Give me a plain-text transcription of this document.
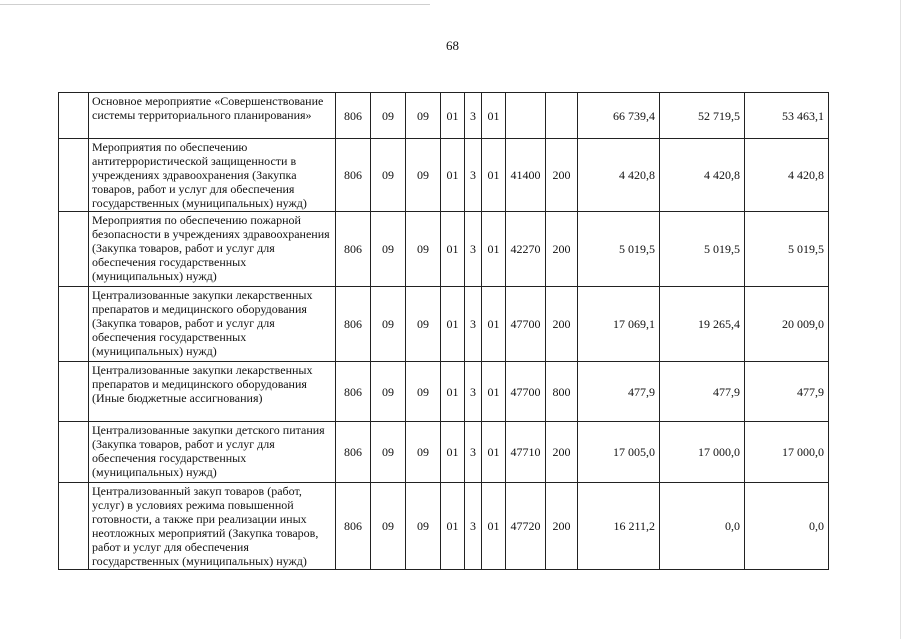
68
	Основное мероприятие «Совершенствование системы территориального планирования»	806	09	09	01	3	01			66 739,4	52 719,5	53 463,1
	Мероприятия по обеспечению антитеррористической защищенности в учреждениях здравоохранения (Закупка товаров, работ и услуг для обеспечения государственных (муниципальных) нужд)	806	09	09	01	3	01	41400	200	4 420,8	4 420,8	4 420,8
	Мероприятия по обеспечению пожарной безопасности в учреждениях здравоохранения (Закупка товаров, работ и услуг для обеспечения государственных (муниципальных) нужд)	806	09	09	01	3	01	42270	200	5 019,5	5 019,5	5 019,5
	Централизованные закупки лекарственных препаратов и медицинского оборудования (Закупка товаров, работ и услуг для обеспечения государственных (муниципальных) нужд)	806	09	09	01	3	01	47700	200	17 069,1	19 265,4	20 009,0
	Централизованные закупки лекарственных препаратов и медицинского оборудования (Иные бюджетные ассигнования)	806	09	09	01	3	01	47700	800	477,9	477,9	477,9
	Централизованные закупки детского питания (Закупка товаров, работ и услуг для обеспечения государственных (муниципальных) нужд)	806	09	09	01	3	01	47710	200	17 005,0	17 000,0	17 000,0
	Централизованный закуп товаров (работ, услуг) в условиях режима повышенной готовности, а также при реализации иных неотложных мероприятий (Закупка товаров, работ и услуг для обеспечения государственных (муниципальных) нужд)	806	09	09	01	3	01	47720	200	16 211,2	0,0	0,0
